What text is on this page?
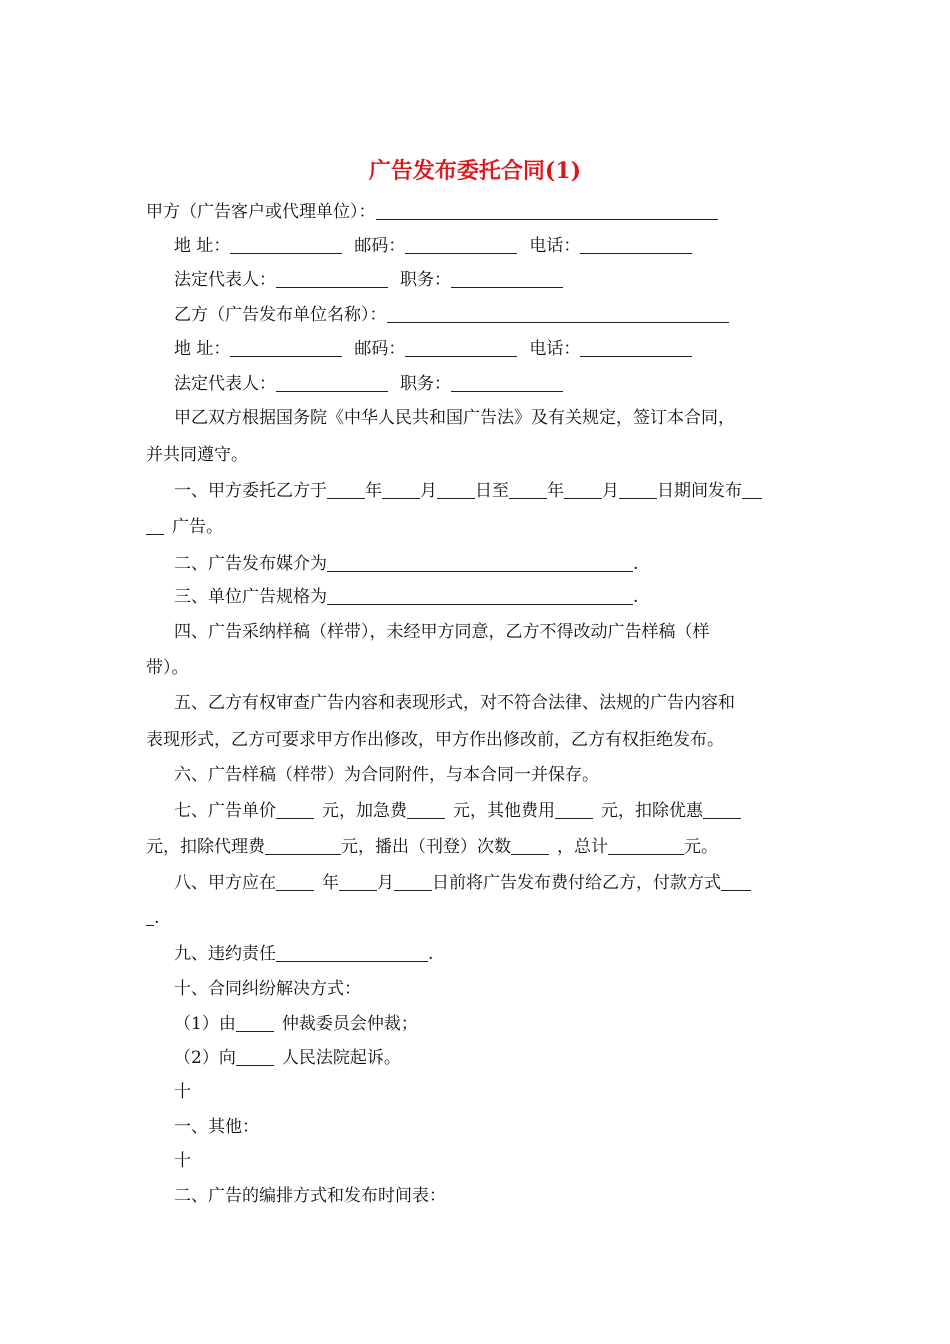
广告发布委托合同(1)
甲方（广告客户或代理单位）：
地 址：	邮码：	电话：
法定代表人：	职务：
乙方（广告发布单位名称）：
地 址：	邮码：	电话：
法定代表人：	职务：
甲乙双方根据国务院《中华人民共和国广告法》及有关规定，签订本合同，
并共同遵守。
一、甲方委托乙方于 年 月 日至 年 月 日期间发布
广告。
二、广告发布媒介为	.
三、单位广告规格为	.
四、广告采纳样稿（样带），未经甲方同意，乙方不得改动广告样稿（样
带）。
五、乙方有权审查广告内容和表现形式，对不符合法律、法规的广告内容和
表现形式，乙方可要求甲方作出修改，甲方作出修改前，乙方有权拒绝发布。
六、广告样稿（样带）为合同附件，与本合同一并保存。
七、广告单价	元，加急费	元，其他费用	元，扣除优惠
元，扣除代理费	元，播出（刊登）次数	，总计	元。
八、甲方应在	年 月 日前将广告发布费付给乙方，付款方式
.
九、违约责任	.
十、合同纠纷解决方式：
（1）由	仲裁委员会仲裁；
（2）向	人民法院起诉。
十
一、其他：
十
二、广告的编排方式和发布时间表：
